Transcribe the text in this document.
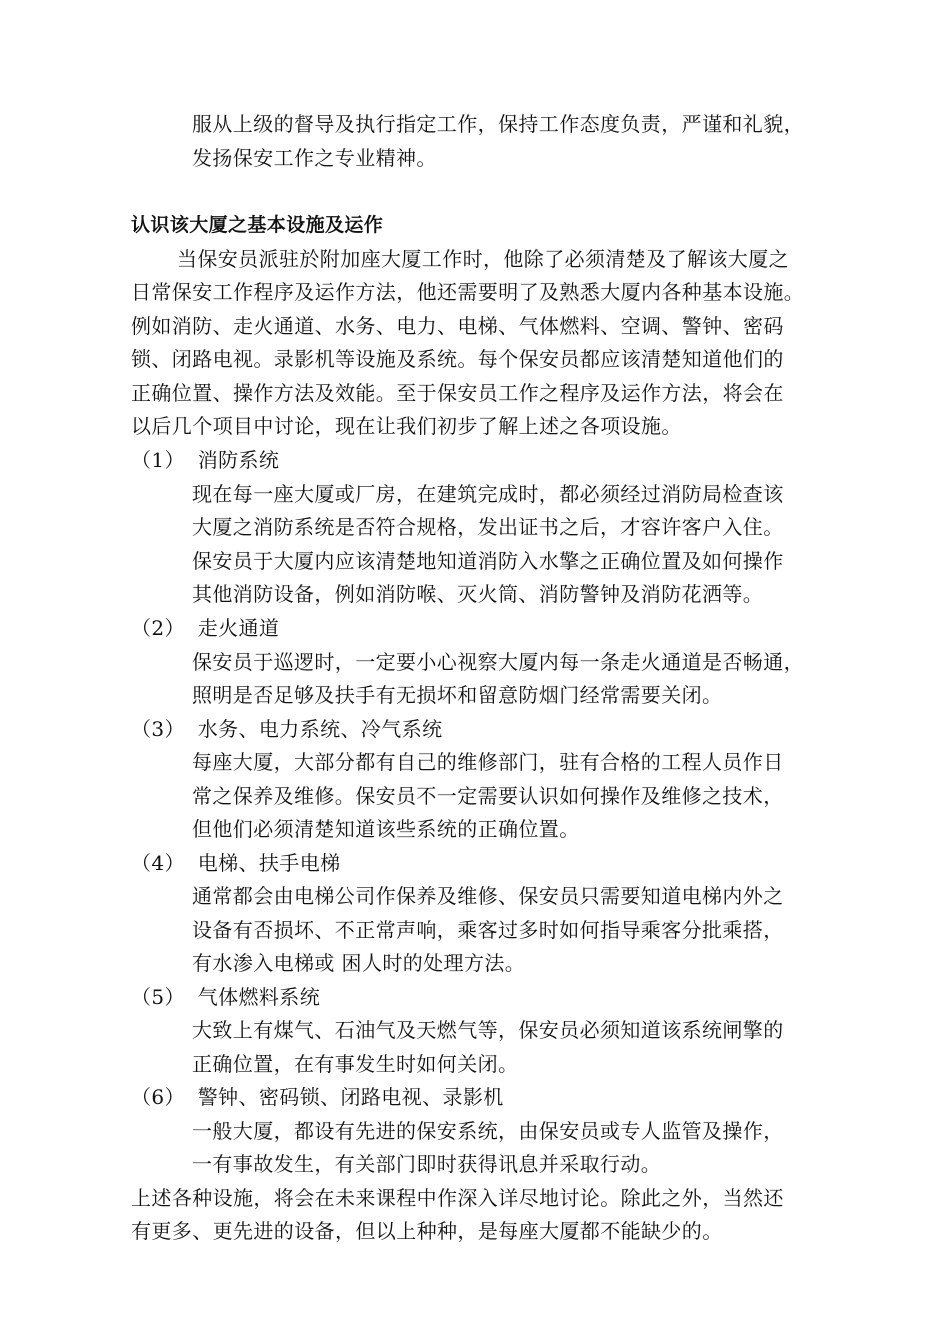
服从上级的督导及执行指定工作，保持工作态度负责，严谨和礼貌，
发扬保安工作之专业精神。
认识该大厦之基本设施及运作
当保安员派驻於附加座大厦工作时，他除了必须清楚及了解该大厦之
日常保安工作程序及运作方法，他还需要明了及熟悉大厦内各种基本设施。
例如消防、走火通道、水务、电力、电梯、气体燃料、空调、警钟、密码
锁、闭路电视。录影机等设施及系统。每个保安员都应该清楚知道他们的
正确位置、操作方法及效能。至于保安员工作之程序及运作方法，将会在
以后几个项目中讨论，现在让我们初步了解上述之各项设施。
（1） 消防系统
现在每一座大厦或厂房，在建筑完成时，都必须经过消防局检查该
大厦之消防系统是否符合规格，发出证书之后，才容许客户入住。
保安员于大厦内应该清楚地知道消防入水擎之正确位置及如何操作
其他消防设备，例如消防喉、灭火筒、消防警钟及消防花洒等。
（2） 走火通道
保安员于巡逻时，一定要小心视察大厦内每一条走火通道是否畅通，
照明是否足够及扶手有无损坏和留意防烟门经常需要关闭。
（3） 水务、电力系统、冷气系统
每座大厦，大部分都有自己的维修部门，驻有合格的工程人员作日
常之保养及维修。保安员不一定需要认识如何操作及维修之技术，
但他们必须清楚知道该些系统的正确位置。
（4） 电梯、扶手电梯
通常都会由电梯公司作保养及维修、保安员只需要知道电梯内外之
设备有否损坏、不正常声响，乘客过多时如何指导乘客分批乘搭，
有水渗入电梯或 困人时的处理方法。
（5） 气体燃料系统
大致上有煤气、石油气及天燃气等，保安员必须知道该系统闸擎的
正确位置，在有事发生时如何关闭。
（6） 警钟、密码锁、闭路电视、录影机
一般大厦，都设有先进的保安系统，由保安员或专人监管及操作，
一有事故发生，有关部门即时获得讯息并采取行动。
上述各种设施，将会在未来课程中作深入详尽地讨论。除此之外，当然还
有更多、更先进的设备，但以上种种，是每座大厦都不能缺少的。
